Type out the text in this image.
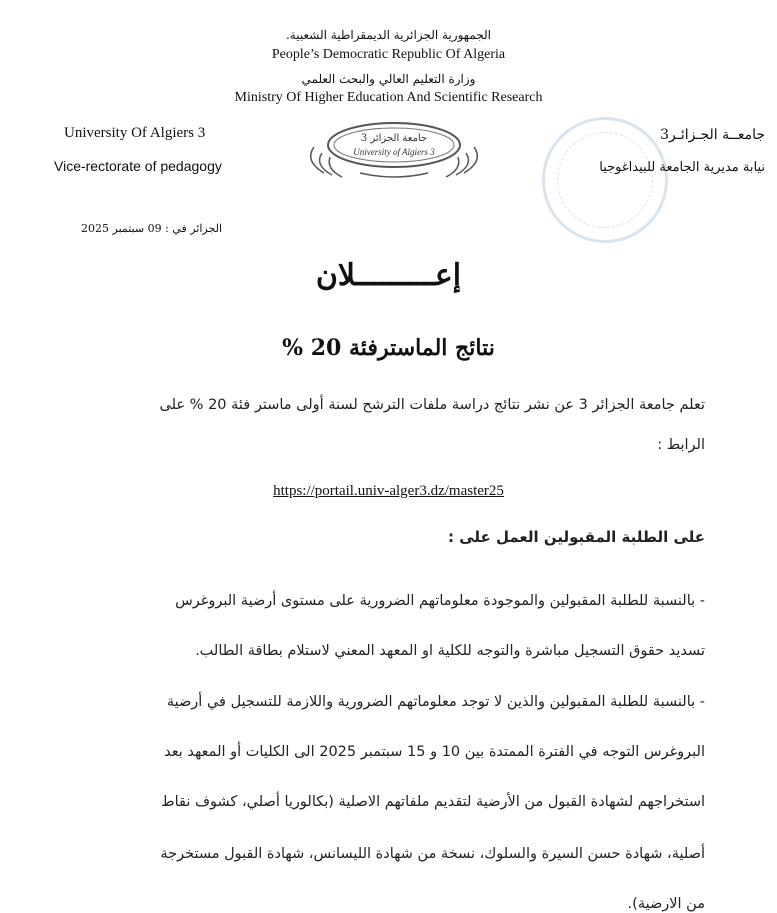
الجمهورية الجزائرية الديمقراطية الشعبية.
People’s Democratic Republic Of Algeria
وزارة التعليم العالي والبحث العلمي
Ministry Of Higher Education And Scientific Research
University Of Algiers 3
Vice-rectorate of pedagogy
جامعــة الجـزائـر3
نيابة مديرية الجامعة للبيداغوجيا
جامعة الجزائر 3
University of Algiers 3
الجزائر في : 09 سبتمبر 2025
إعـــــــــلان
نتائج الماسترفئة 20 %
تعلم جامعة الجزائر 3 عن نشر نتائج دراسة ملفات الترشح لسنة أولى ماستر فئة 20 % على
الرابط :
https://portail.univ-alger3.dz/master25
على الطلبة المقبولين العمل على :
- بالنسبة للطلبة المقبولين والموجودة معلوماتهم الضرورية على مستوى أرضية البروغرس
تسديد حقوق التسجيل مباشرة والتوجه للكلية او المعهد المعني لاستلام بطاقة الطالب.
- بالنسبة للطلبة المقبولين والذين لا توجد معلوماتهم الضرورية واللازمة للتسجيل في أرضية
البروغرس التوجه في الفترة الممتدة بين 10 و 15 سبتمبر 2025 الى الكليات أو المعهد بعد
استخراجهم لشهادة القبول من الأرضية لتقديم ملفاتهم الاصلية (بكالوريا أصلي، كشوف نقاط
أصلية، شهادة حسن السيرة والسلوك، نسخة من شهادة الليسانس، شهادة القبول مستخرجة
من الارضية).
